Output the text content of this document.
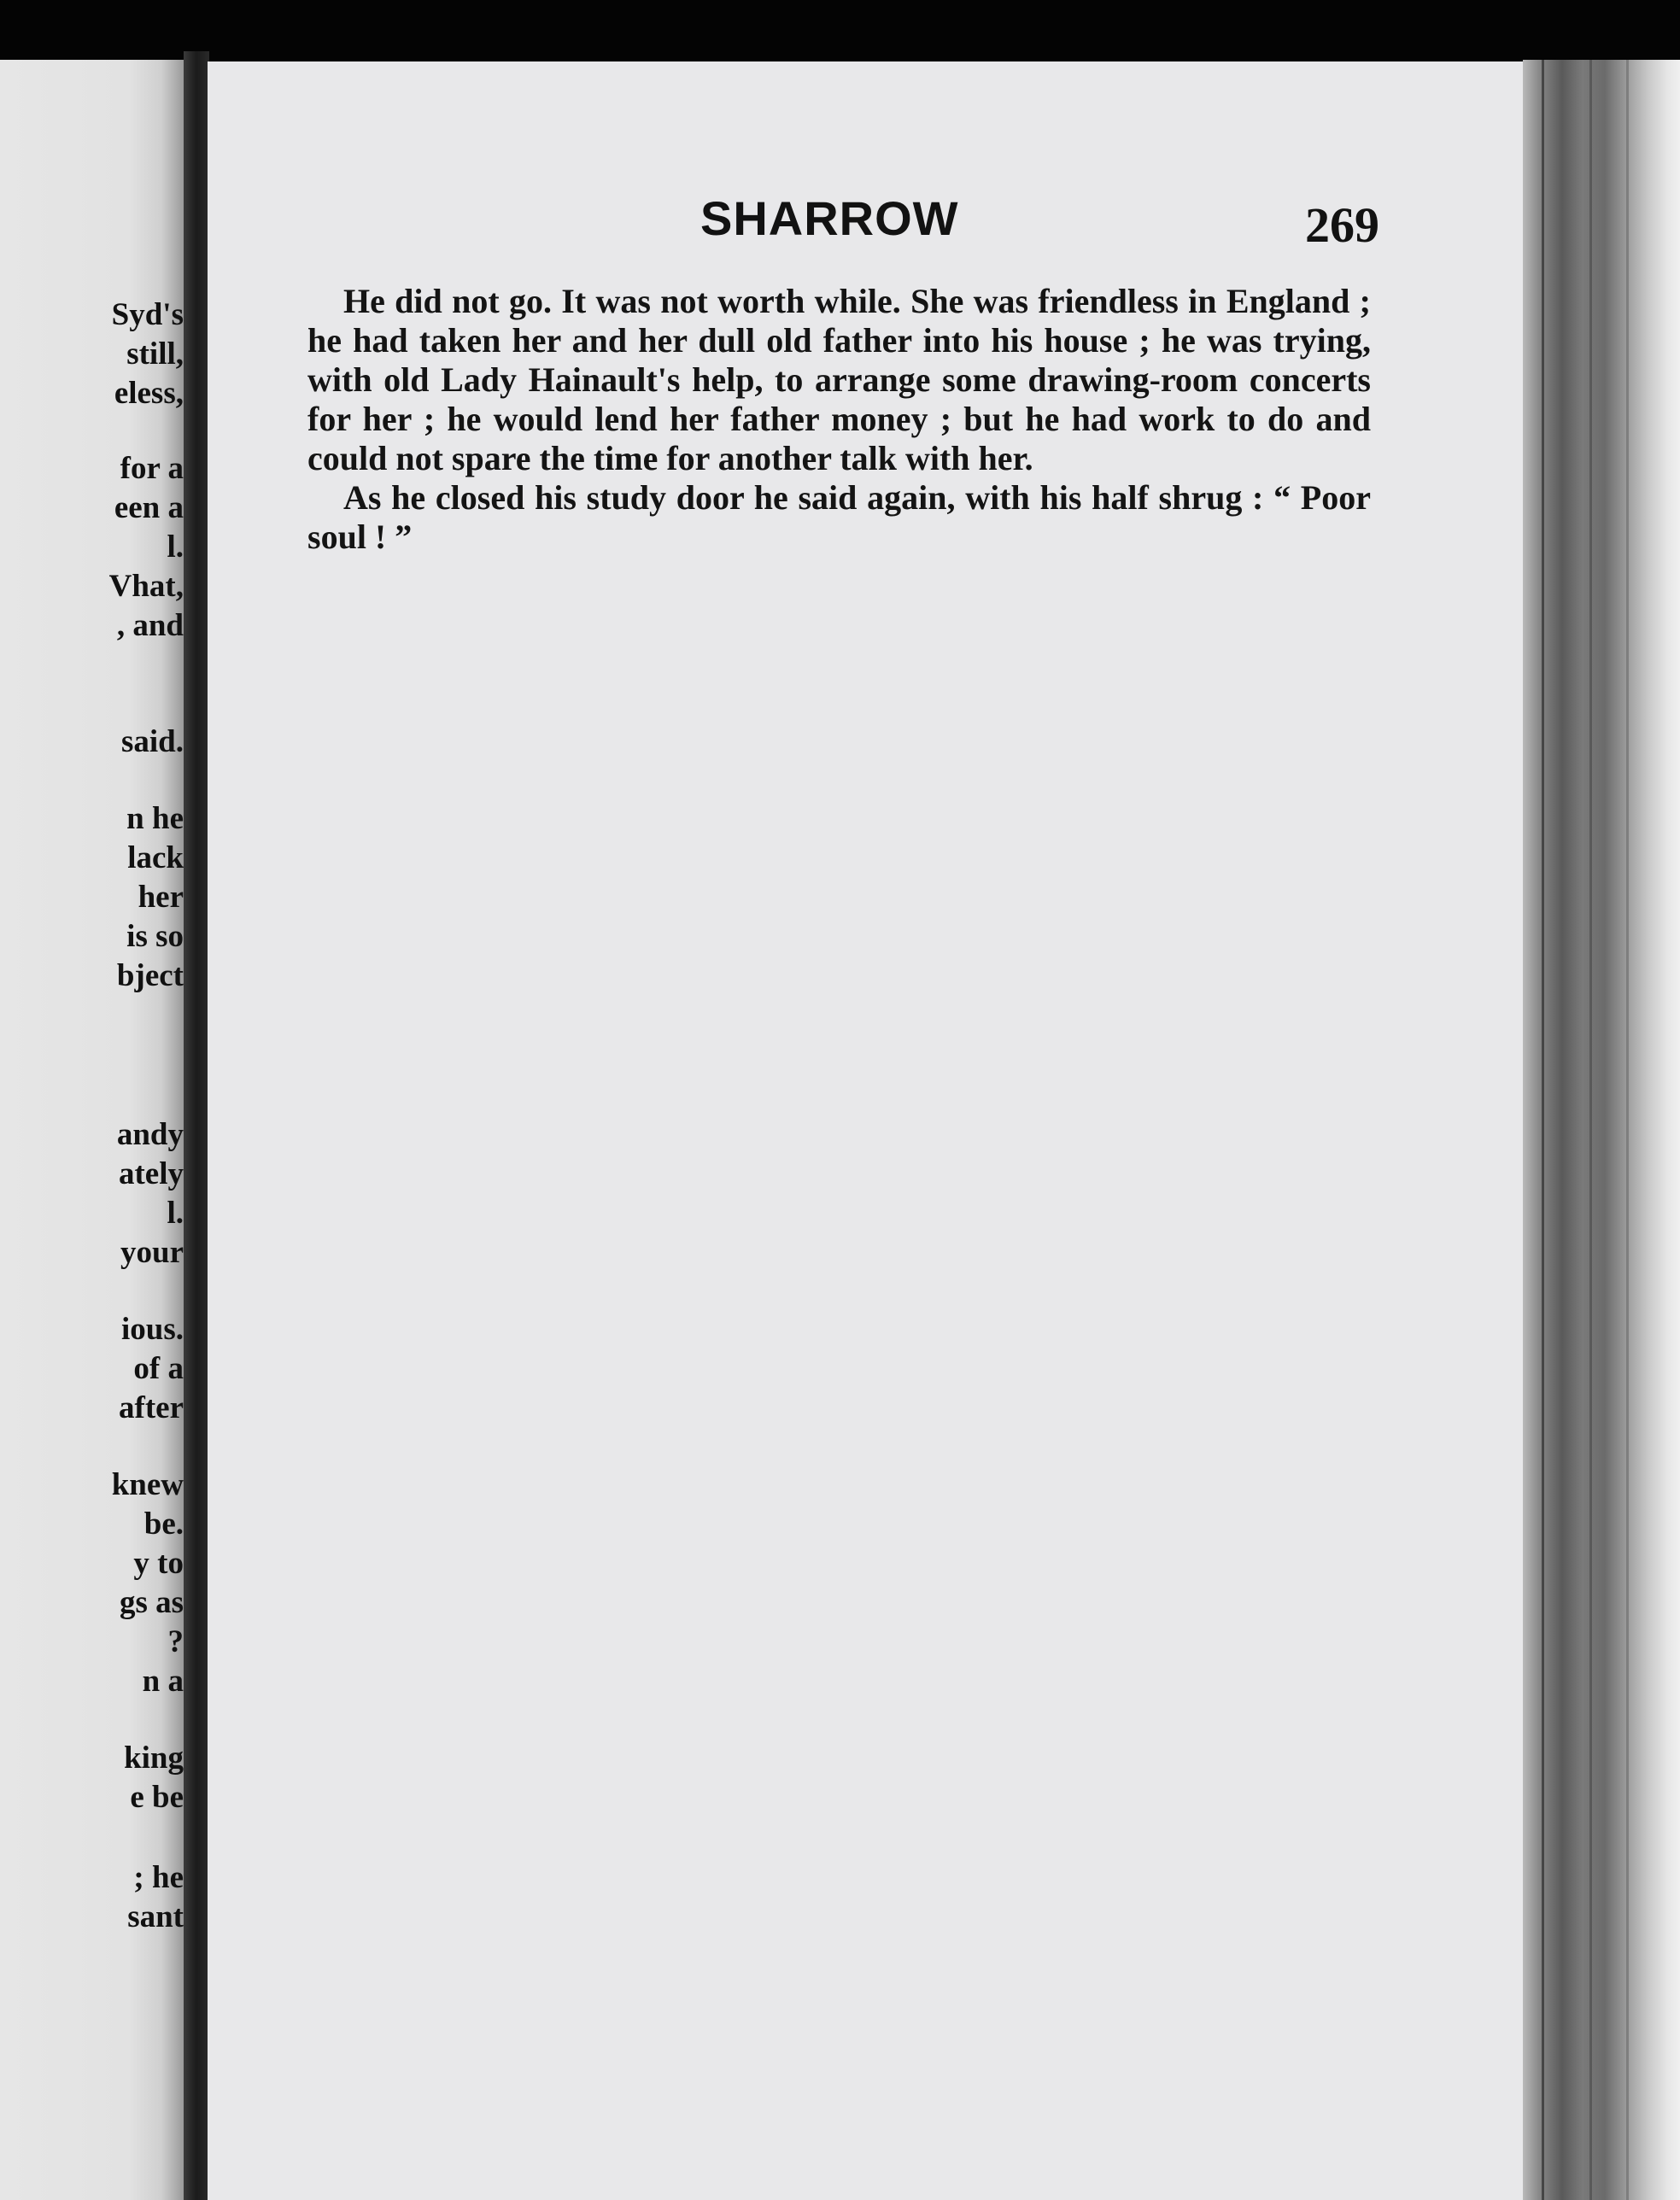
Syd's

still,

eless,

for a

een a

l.

Vhat,

, and

said.

n he

lack

her

is so

bject

andy

ately

l.

your

ious.

of a

after

knew

be.

y to

gs as

?

n a

king

e be

; he

sant

SHARROW	269

He did not go. It was not worth while. She was friendless in England ; he had taken her and her dull old father into his house ; he was trying, with old Lady Hainault's help, to arrange some drawing-room concerts for her ; he would lend her father money ; but he had work to do and could not spare the time for another talk with her.

As he closed his study door he said again, with his half shrug : “ Poor soul ! ”
